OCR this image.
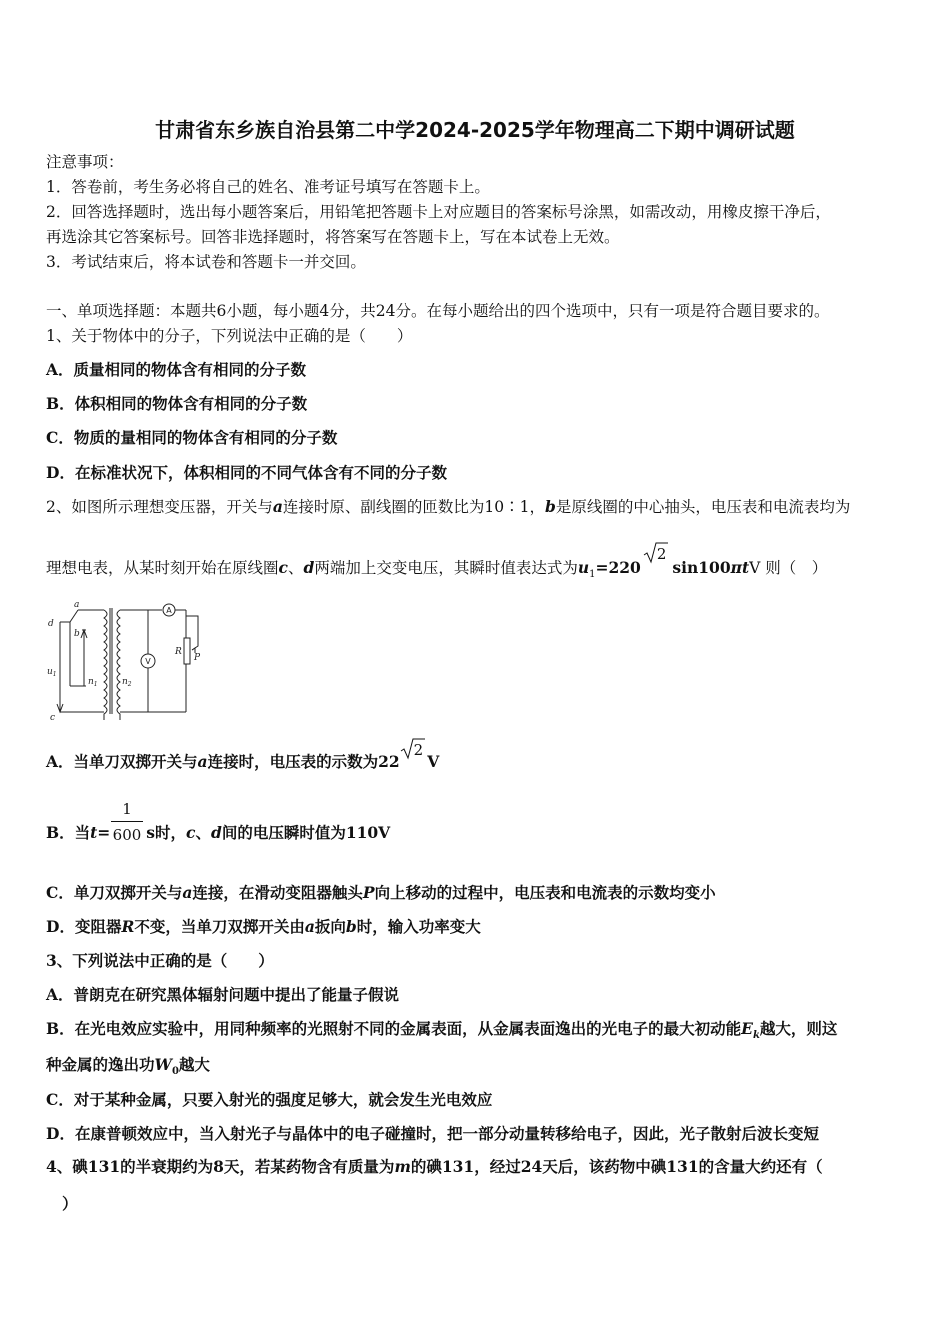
甘肃省东乡族自治县第二中学2024-2025学年物理高二下期中调研试题
注意事项：
1．答卷前，考生务必将自己的姓名、准考证号填写在答题卡上。
2．回答选择题时，选出每小题答案后，用铅笔把答题卡上对应题目的答案标号涂黑，如需改动，用橡皮擦干净后，
再选涂其它答案标号。回答非选择题时，将答案写在答题卡上，写在本试卷上无效。
3．考试结束后，将本试卷和答题卡一并交回。
一、单项选择题：本题共6小题，每小题4分，共24分。在每小题给出的四个选项中，只有一项是符合题目要求的。
1、关于物体中的分子，下列说法中正确的是（　　）
A．质量相同的物体含有相同的分子数
B．体积相同的物体含有相同的分子数
C．物质的量相同的物体含有相同的分子数
D．在标准状况下，体积相同的不同气体含有不同的分子数
2、如图所示理想变压器，开关与a连接时原、副线圈的匝数比为10∶1，b是原线圈的中心抽头，电压表和电流表均为
理想电表，从某时刻开始在原线圈c、d两端加上交变电压，其瞬时值表达式为$u_1=220$
2sin100πtV 则（　）
a
b
d
c
$u_1$
$n_1$	$n_2$
R
P
A
V
A．当单刀双掷开关与a连接时，电压表的示数为22
2V
B．当t= s时，c、d间的电压瞬时值为110V
1
600
C．单刀双掷开关与a连接，在滑动变阻器触头P向上移动的过程中，电压表和电流表的示数均变小
D．变阻器R不变，当单刀双掷开关由a扳向b时，输入功率变大
3、下列说法中正确的是（　　）
A．普朗克在研究黑体辐射问题中提出了能量子假说
B．在光电效应实验中，用同种频率的光照射不同的金属表面，从金属表面逸出的光电子的最大初动能$E_k$越大，则这
种金属的逸出功$W_0$越大
C．对于某种金属，只要入射光的强度足够大，就会发生光电效应
D．在康普顿效应中，当入射光子与晶体中的电子碰撞时，把一部分动量转移给电子，因此，光子散射后波长变短
4、碘131的半衰期约为8天，若某药物含有质量为m的碘131，经过24天后，该药物中碘131的含量大约还有（
）
